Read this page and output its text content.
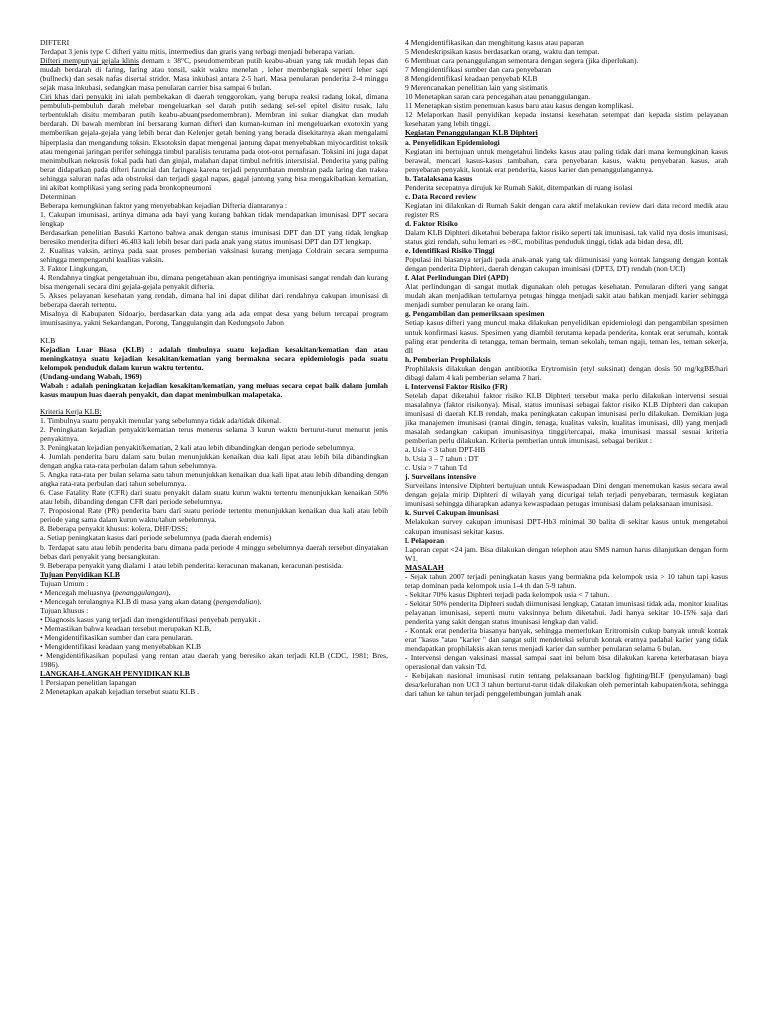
DIFTERI

Terdapat 3 jenis type C difteri yaitu mitis, intermedius dan graris yang terbagi menjadi beberapa varian.

Difteri mempunyai gejala klinis demam ± 38°C, pseudomembran putih keabu-abuan yang tak mudah lepas dan mudah berdarah di faring, laring atau tonsil, sakit waktu menelan , leher membengkak seperti leher sapi (bullneck) dan sesak nafas disertai stridor. Masa inkubasi antara 2-5 hari. Masa penularan penderita 2-4 minggu sejak masa inkubasi, sedangkan masa penularan carrier bisa sampai 6 bulan.

Ciri khas dari penyakit ini ialah pembekakan di daerah tenggorokan, yang berupa reaksi radang lokal, dimana pembuluh-pembuluh darah melebar mengeluarkan sel darah putih sedang sel-sel epitel disitu rusak, lalu terbentuklah disitu membaran putih keabu-abuan(psedomembran). Membran ini sukar diangkat dan mudah berdarah. Di bawah membran ini bersarang kuman difteri dan kuman-kuman ini mengeluarkan exotoxin yang memberikan gejala-gejala yang lebih berat dan Kelenjer getah bening yang berada disekitarnya akan mengalami hiperplasia dan mengandung toksin. Eksotoksin dapat mengenai jantung dapat menyebabkan miyocarditist toksik atau mengenai jaringan perifer sehingga timbul paralisis terutama pada otot-otot pernafasan. Toksini ini juga dapat menimbulkan nekrosis fokal pada hati dan ginjal, malahan dapat timbul nefritis interstisial. Penderita yang paling berat didapatkan pada difteri fauncial dan faringea karena terjadi penyumbatan membran pada laring dan trakea sehingga saluran nafas ada obstruksi dan terjadi gagal napas, gagal jantung yang bisa mengakibatkan kematian, ini akibat komplikasi yang sering pada bronkopneumoni

Determinan

Beberapa kemungkinan faktor yang menyebabkan kejadian Difteria diantaranya :

1. Cakupan imunisasi, artinya dimana ada bayi yang kurang bahkan tidak mendapatkan imunisasi DPT secara lengkap

Berdasarkan penelitian Basuki Kartono bahwa anak dengan status imunisasi DPT dan DT yang tidak lengkap beresiko menderita difteri 46.403 kali lebih besar dari pada anak yang status imunisasi DPT dan DT lengkap.

2. Kualitas vaksin, artinya pada saat proses pemberian vaksinasi kurang menjaga Coldrain secara sempurna sehingga mempengaruhi kualitas vaksin.

3. Faktor Lingkungan,

4. Rendahnya tingkat pengetahuan ibu, dimana pengetahuan akan pentingnya imunisasi sangat rendah dan kurang bisa mengenali secara dini gejala-gejala penyakit difteria.

5. Akses pelayanan kesehatan yang rendah, dimana hal ini dapat dilihat dari rendahnya cakupan imunisasi di beberapa daerah tertentu.

Misalnya di Kabupaten Sidoarjo, berdasarkan data yang ada ada empat desa yang belum tercapai program imunisasinya, yakni Sekardangan, Porong, Tanggulangin dan Kedungsolo Jabon

KLB

Kejadian Luar Biasa (KLB) : adalah timbulnya suatu kejadian kesakitan/kematian dan atau meningkatnya suatu kejadian kesakitan/kematian yang bermakna secara epidemiologis pada suatu kelompok penduduk dalam kurun waktu tertentu.

(Undang-undang Wabah, 1969)

Wabah : adalah peningkatan kejadian kesakitan/kematian, yang meluas secara cepat baik dalam jumlah kasus maupun luas daerah penyakit, dan dapat menimbulkan malapetaka.

Kriteria Kerja KLB:

1. Timbulnya suatu penyakit menular yang sebelumnya tidak ada/tidak dikenal.

2. Peningkatan kejadian penyakit/kematian terus menerus selama 3 kurun waktu berturut-turut menurut jenis penyakitnya.

3. Peningkatan kejadian penyakit/kematian, 2 kali atau lebih dibandingkan dengan periode sebelumnya.

4. Jumlah penderita baru dalam satu bulan menunjukkan kenaikan dua kali lipat atau lebih bila dibandingkan dengan angka rata-rata perbulan dalam tahun sebelumnya.

5. Angka rata-rata per bulan selama satu tahun menunjukkan kenaikan dua kali lipat atau lebih dibanding dengan angka rata-rata perbulan dari tahun sebelumnya.

6. Case Fatality Rate (CFR) dari suatu penyakit dalam suatu kurun waktu tertentu menunjukkan kenaikan 50% atau lebih, dibanding dengan CFR dari periode sebelumnya.

7. Proposional Rate (PR) penderita baru dari suatu periode tertentu menunjukkan kenaikan dua kali atau lebih periode yang sama dalam kurun waktu/tahun sebelumnya.

8. Beberapa penyakit khusus: kolera, DHF/DSS:

a. Setiap peningkatan kasus dari periode sebelumnya (pada daerah endemis)

b. Terdapat satu atau lebih penderita baru dimana pada periode 4 minggu sebelumnya daerah tersebut dinyatakan bebas dari penyakit yang bersangkutan.

9. Beberapa penyakit yang dialami 1 atau lebih penderita: keracunan makanan, keracunan pestisida.

Tujuan Penyidikan KLB

Tujuan Umum :

• Mencegah meluasnya (penanggulangan).

• Mencegah terulangnya KLB di masa yang akan datang (pengendalian).

Tujuan khusus :

• Diagnosis kasus yang terjadi dan mengidentifikasi penyebab penyakit .

• Memastikan bahwa keadaan tersebut merupakan KLB,

• Mengidentifikasikan sumber dan cara penularan.

• Mengidentifikasi keadaan yang menyebabkan KLB

• Mengidentifikasikan populasi yang rentan atau daerah yang beresiko akan terjadi KLB (CDC, 1981; Bres, 1986).

LANGKAH-LANGKAH PENYIDIKAN KLB

1 Persiapan penelitian lapangan

2 Menetapkan apakah kejadian tersebut suatu KLB .

4 Mengidentifikasikan dan menghitung kasus atau paparan

5 Mendeskripsikan kasus berdasarkan orang, waktu dan tempat.

6 Membuat cara penanggulangan sementara dengan segera (jika diperlukan).

7 Mengidentifikasi sumber dan cara penyebaran

8 Mengidentifikasi keadaan penyebab KLB

9 Merencanakan penelitian lain yang sistimatis

10 Menetapkan saran cara pencegahan atau penanggulangan.

11 Menetapkan sistim penemuan kasus baru atau kasus dengan komplikasi.

12 Melaporkan hasil penyidikan kepada instansi kesehatan setempat dan kepada sistim pelayanan kesehatan yang lebih tinggi.

Kegiatan Penanggulangan KLB Diphteri

a. Penyelidikan Epidemiologi

Kegiatan ini bertujuan untuk mengetahui lindeks kasus atau paling tidak dari mana kemungkinan kasus berawal, mencari kasus-kasus tambahan, cara penyebaran kasus, waktu penyebaran kasus, arah penyebaran penyakit, kontak erat penderita, kasus karier dan penanggulangannya.

b. Tatalaksana kasus

Penderita secepatnya dirujuk ke Rumah Sakit, ditempatkan di ruang isolasi

c. Data Record review

Kegiatan ini dilakukan di Rumah Sakit dengan cara aktif melakukan review dari data record medik atau register RS

d. Faktor Risiko

Dalam KLB Diphteri diketahui beberapa faktor risiko seperti tak imunisasi, tak valid nya dosis imunisasi, status gizi rendah, suhu lemari es >8C, mobilitas penduduk tinggi, tidak ada bidan desa, dll.

e. Identifikasi Risiko Tinggi

Populasi ini biasanya terjadi pada anak-anak yang tak diimunisasi yang kontak langsung dengan kontak dengan penderita Diphteri, daerah dengan cakupan imunisasi (DPT3, DT) rendah (non UCI)

f. Alat Perlindungan Diri (APD)

Alat perlindungan di sangat mutlak digunakan oleh petugas kesehatan. Penularan difteri yang sangat mudah akan menjadikan tertularnya petugas hingga menjadi sakit atau bahkan menjadi karier sehingga menjadi sumber penularan ke orang lain.

g. Pengambilan dan pemeriksaan spesimen

Setiap kasus difteri yang muncul maka dilakukan penyelidikan epidemiologi dan pengambilan spesimen untuk konfirmasi kasus. Spesimen yang diambil terutama kepada penderita, kontak erat serumah, kontak paling erat penderita di tetangga, teman bermain, teman sekolah, teman ngaji, teman les, teman sekerja, dll

h. Pemberian Prophilaksis

Prophilaksis dilakukan dengan antibiotika Erytromisin (etyl suksinat) dengan dosis 50 mg/kgBB/hari dibagi dalam 4 kali pemberian selama 7 hari.

i. Intervensi Faktor Risiko (FR)

Setelah dapat diketahui faktor risiko KLB Diphteri tersebut maka perlu dilakukan intervensi sesuai masalahnya (faktor risikonya). Misal, status imunisasi sebagai faktor risiko KLB Diphteri dan cakupan imunisasi di daerah KLB rendah, maka peningkatan cakupan imunisasi perlu dilakukan. Demikian juga jika manajemen imunisasi (rantai dingin, tenaga, kualitas vaksin, kualitas imunisasi, dll) yang menjadi masalah sedangkan cakupan imunisasinya tinggi/tercapai, maka imunisasi massal sesuai kriteria pemberian perlu dilakukan. Kriteria pemberian untuk imunisasi, sebagai berikut :

a. Usia < 3 tahun DPT-HB
b. Usia 3 – 7 tahun : DT
c. Usia > 7 tahun Td

j. Surveilans intensive

Surveilans intensive Diphteri bertujuan untuk Kewaspadaan Dini dengan menemukan kasus secara awal dengan gejala mirip Diphteri di wilayah yang dicurigai telah terjadi penyebaran, termasuk kegiatan imunisasi sehingga diharapkan adanya kewaspadaan petugas imunisasi dalam pelaksanaan imunisasi.

k. Survei Cakupan imunisasi

Melakukan survey cakupan imunisasi DPT-Hb3 minimal 30 balita di sekitar kasus untuk mengetahui cakupan imunisasi sekitar kasus.

l. Pelaporan

Laporan cepat <24 jam. Bisa dilakukan dengan telephon atau SMS namun harus dilanjutkan dengan form W1.

MASALAH

- Sejak tahun 2007 terjadi peningkatan kasus yang bermakna pda kelompok usia > 10 tahun tapi kasus tetap dominan pada kelompok usia 1-4 th dan 5-9 tahun.

- Sekitar 70% kasus Diphteri terjadi pada kelompok usia < 7 tahun.

- Sekitar 50% penderita Diphteri sudah diimunisasi lengkap, Catatan imunisasi tidak ada, monitor kualitas pelayanan imunisasi, seperti mutu vaksinnya belum diketahui. Jadi hanya sekitar 10-15% saja dari penderita yang sakit dengan status imunisasi lengkap dan valid.

- Kontak erat penderita biasanya banyak, sehingga memerlukan Eritromisin cukup banyak untuk kontak erat "kasus "atau "karier " dan sangat sulit mendeteksi seluruh kontak eratnya padahal karier yang tidak mendapatkan prophilaksis akan terus menjadi karier dan sumber penularan selama 6 bulan.

- Intervensi dengan vaksinasi massal sampai saat ini belum bisa dilakukan karena keterbatasan biaya operasional dan vaksin Td.

- Kebijakan nasional imunisasi rutin tentang pelaksanaan backlog fighting/BLF (penyulaman) bagi desa/kelurahan non UCI 3 tahun berturut-turut tidak dilakukan oleh pemerintah kabupaten/kota, sehingga dari tahun ke tahun terjadi penggelembungan jumlah anak
